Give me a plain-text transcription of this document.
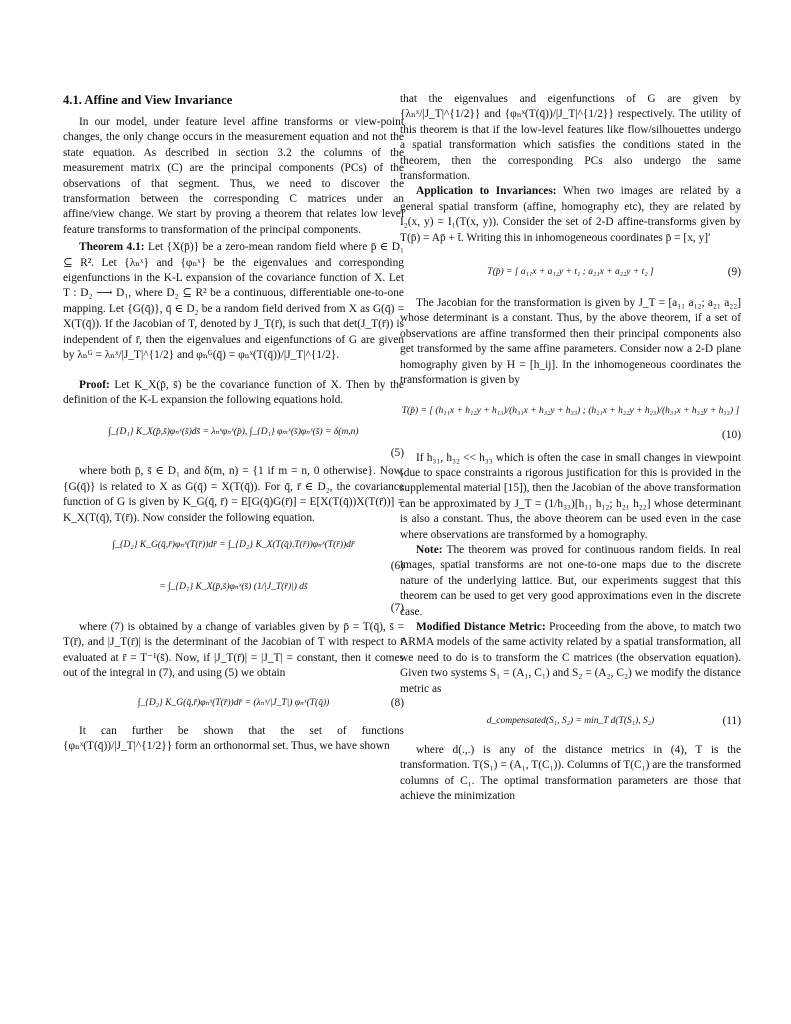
4.1. Affine and View Invariance

In our model, under feature level affine transforms or view-point changes, the only change occurs in the measurement equation and not the state equation. As described in section 3.2 the columns of the measurement matrix (C) are the principal components (PCs) of the observations of that segment. Thus, we need to discover the transformation between the corresponding C matrices under an affine/view change. We start by proving a theorem that relates low level feature transforms to transformation of the principal components.

Theorem 4.1: Let {X(p̄)} be a zero-mean random field where p̄ ∈ D₁ ⊆ R². Let {λₙˣ} and {φₙˣ} be the eigenvalues and corresponding eigenfunctions in the K-L expansion of the covariance function of X. Let T : D₂ ⟶ D₁, where D₂ ⊆ R² be a continuous, differentiable one-to-one mapping. Let {G(q̄)}, q̄ ∈ D₂ be a random field derived from X as G(q̄) = X(T(q̄)). If the Jacobian of T, denoted by J_T(r̄), is such that det(J_T(r̄)) is independent of r̄, then the eigenvalues and eigenfunctions of G are given by λₙᴳ = λₙˣ/|J_T|^{1/2} and φₙᴳ(q̄) = φₙˣ(T(q̄))/|J_T|^{1/2}.

Proof: Let K_X(p̄, s̄) be the covariance function of X. Then by the definition of the K-L expansion the following equations hold.

∫_{D₁} K_X(p̄,s̄)φₙˣ(s̄)ds̄ = λₙˣφₙˣ(p̄), ∫_{D₁} φₘˣ(s̄)φₙˣ(s̄) = δ(m,n)
(5)

where both p̄, s̄ ∈ D₁ and δ(m, n) = {1 if m = n, 0 otherwise}. Now, {G(q̄)} is related to X as G(q̄) = X(T(q̄)). For q̄, r̄ ∈ D₂, the covariance function of G is given by K_G(q̄, r̄) = E[G(q̄)G(r̄)] = E[X(T(q̄))X(T(r̄))] = K_X(T(q̄), T(r̄)). Now consider the following equation.

∫_{D₂} K_G(q̄,r̄)φₙˣ(T(r̄))dr̄ = ∫_{D₂} K_X(T(q̄),T(r̄))φₙˣ(T(r̄))dr̄
(6)
= ∫_{D₁} K_X(p̄,s̄)φₙˣ(s̄) (1/|J_T(r̄)|) ds̄
(7)

where (7) is obtained by a change of variables given by p̄ = T(q̄), s̄ = T(r̄), and |J_T(r̄)| is the determinant of the Jacobian of T with respect to r̄ evaluated at r̄ = T⁻¹(s̄). Now, if |J_T(r̄)| = |J_T| = constant, then it comes out of the integral in (7), and using (5) we obtain

∫_{D₂} K_G(q̄,r̄)φₙˣ(T(r̄))dr̄ = (λₙˣ/|J_T|) φₙˣ(T(q̄))	(8)

It can further be shown that the set of functions {φₙˣ(T(q̄))/|J_T|^{1/2}} form an orthonormal set. Thus, we have shown

that the eigenvalues and eigenfunctions of G are given by {λₙˣ/|J_T|^{1/2}} and {φₙˣ(T(q̄))/|J_T|^{1/2}} respectively. The utility of this theorem is that if the low-level features like flow/silhouettes undergo a spatial transformation which satisfies the conditions stated in the theorem, then the corresponding PCs also undergo the same transformation.

Application to Invariances: When two images are related by a general spatial transform (affine, homography etc), they are related by I₂(x, y) = I₁(T(x, y)). Consider the set of 2-D affine-transforms given by T(p̄) = Ap̄ + t̄. Writing this in inhomogeneous coordinates p̄ = [x, y]′

T(p̄) = [ a₁₁x + a₁₂y + t₁ ; a₂₁x + a₂₂y + t₂ ]	(9)

The Jacobian for the transformation is given by J_T = [a₁₁ a₁₂; a₂₁ a₂₂] whose determinant is a constant. Thus, by the above theorem, if a set of observations are affine transformed then their principal components also get transformed by the same affine parameters. Consider now a 2-D plane homography given by H = [h_ij]. In the inhomogeneous coordinates the transformation is given by

T(p̄) = [ (h₁₁x + h₁₂y + h₁₃)/(h₃₁x + h₃₂y + h₃₃) ; (h₂₁x + h₂₂y + h₂₃)/(h₃₁x + h₃₂y + h₃₃) ]
(10)

If h₃₁, h₃₂ << h₃₃ which is often the case in small changes in viewpoint (due to space constraints a rigorous justification for this is provided in the supplemental material [15]), then the Jacobian of the above transformation can be approximated by J_T = (1/h₃₃)[h₁₁ h₁₂; h₂₁ h₂₂] whose determinant is also a constant. Thus, the above theorem can be used even in the case where observations are transformed by a homography.

Note: The theorem was proved for continuous random fields. In real images, spatial transforms are not one-to-one maps due to the discrete nature of the underlying lattice. But, our experiments suggest that this theorem can be used to get very good approximations even in the discrete case.

Modified Distance Metric: Proceeding from the above, to match two ARMA models of the same activity related by a spatial transformation, all we need to do is to transform the C matrices (the observation equation). Given two systems S₁ = (A₁, C₁) and S₂ = (A₂, C₂) we modify the distance metric as

d_compensated(S₁, S₂) = min_T d(T(S₁), S₂)	(11)

where d(.,.) is any of the distance metrics in (4), T is the transformation. T(S₁) = (A₁, T(C₁)). Columns of T(C₁) are the transformed columns of C₁. The optimal transformation parameters are those that achieve the minimization
